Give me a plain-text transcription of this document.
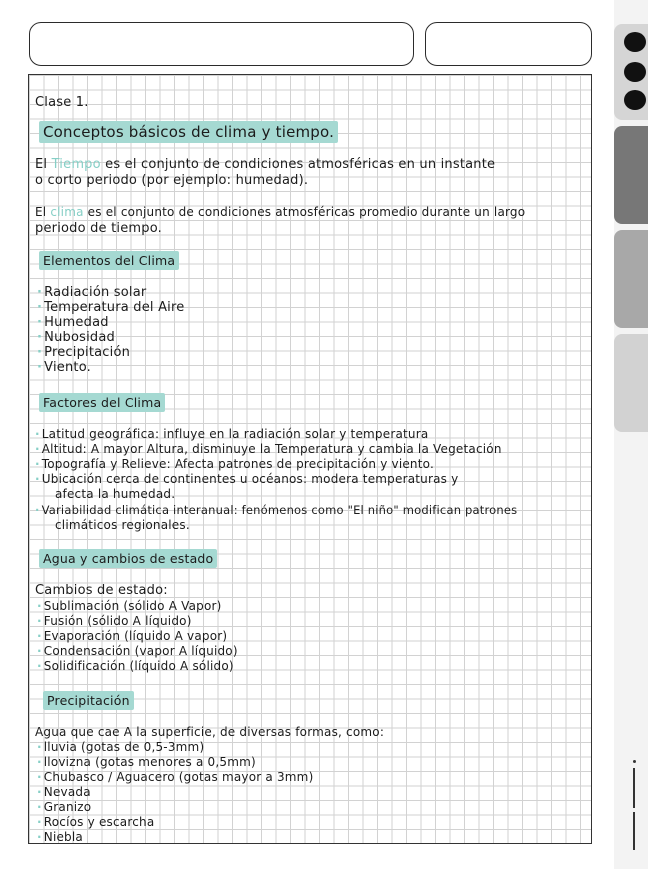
Clase 1.
Conceptos básicos de clima y tiempo.
El Tiempo es el conjunto de condiciones atmosféricas en un instante
o corto periodo (por ejemplo: humedad).
El clima es el conjunto de condiciones atmosféricas promedio durante un largo
periodo de tiempo.
Elementos del Clima
· Radiación solar
· Temperatura del Aire
· Humedad
· Nubosidad
· Precipitación
· Viento.
Factores del Clima
· Latitud geográfica: influye en la radiación solar y temperatura
· Altitud: A mayor Altura, disminuye la Temperatura y cambia la Vegetación
· Topografía y Relieve: Afecta patrones de precipitación y viento.
· Ubicación cerca de continentes u océanos: modera temperaturas y
afecta la humedad.
· Variabilidad climática interanual: fenómenos como "El niño" modifican patrones
climáticos regionales.
Agua y cambios de estado
Cambios de estado:
· Sublimación (sólido A Vapor)
· Fusión (sólido A líquido)
· Evaporación (líquido A vapor)
· Condensación (vapor A líquido)
· Solidificación (líquido A sólido)
Precipitación
Agua que cae A la superficie, de diversas formas, como:
· lluvia (gotas de 0,5-3mm)
· llovizna (gotas menores a 0,5mm)
· Chubasco / Aguacero (gotas mayor a 3mm)
· Nevada
· Granizo
· Rocíos y escarcha
· Niebla
